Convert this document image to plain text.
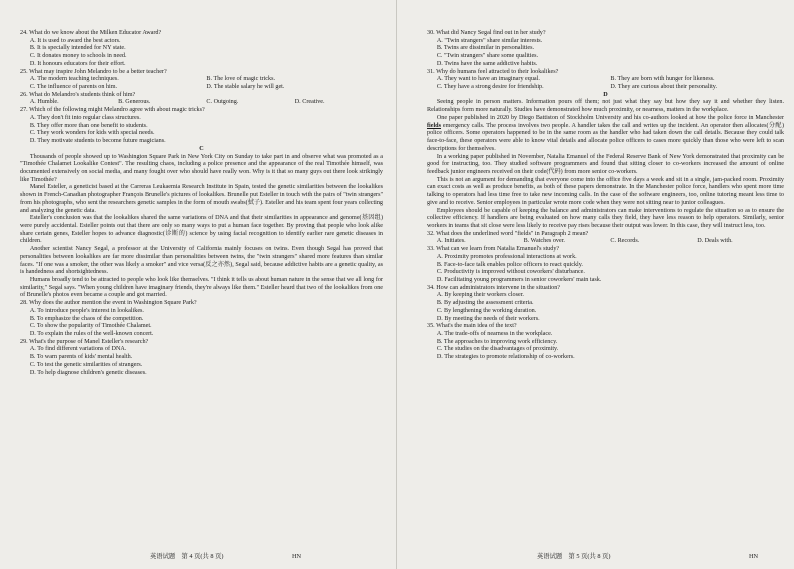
24. What do we know about the Milken Educator Award?

A. It is used to award the best actors.

B. It is specially intended for NY state.

C. It donates money to schools in need.

D. It honours educators for their effort.

25. What may inspire John Melandro to be a better teacher?

A. The modern teaching techniques.	B. The love of magic tricks.
C. The influence of parents on him.	D. The stable salary he will get.

26. What do Melandro's students think of him?

A. Humble.	B. Generous.	C. Outgoing.	D. Creative.

27. Which of the following might Melandro agree with about magic tricks?

A. They don't fit into regular class structures.

B. They offer more than one benefit to students.

C. They work wonders for kids with special needs.

D. They motivate students to become future magicians.

C

Thousands of people showed up to Washington Square Park in New York City on Sunday to take part in and observe what was promoted as a "Timothée Chalamet Lookalike Contest". The resulting chaos, including a police presence and the appearance of the real Timothée himself, was documented extensively on social media, and many fought over who should have really won. Why is it that so many guys out there look strikingly like Timothée?

Manel Esteller, a geneticist based at the Carreras Leukaemia Research Institute in Spain, tested the genetic similarities between the lookalikes shown in French-Canadian photographer François Brunelle's pictures of lookalikes. Brunelle put Esteller in touch with the pairs of "twin strangers" from his photographs, who sent the researchers genetic samples in the form of mouth swabs(拭子). Esteller and his team spent four years collecting and analyzing the genetic data.

Esteller's conclusion was that the lookalikes shared the same variations of DNA and that their similarities in appearance and genome(基因组) were purely accidental. Esteller points out that there are only so many ways to put a human face together. By proving that people who look alike share certain genes, Esteller hopes to advance diagnostic(诊断的) science by using facial recognition to identify earlier rare genetic diseases in children.

Another scientist Nancy Segal, a professor at the University of California mainly focuses on twins. Even though Segal has proved that personalities between lookalikes are far more dissimilar than personalities between twins, the "twin strangers" shared more features than similar faces. "If one was a smoker, the other was likely a smoker" and vice versa(反之亦然), Segal said, because addictive habits are a genetic quality, as is handedness and shortsightedness.

Humans broadly tend to be attracted to people who look like themselves. "I think it tells us about human nature in the sense that we all long for similarity," Segal says. "When young children have imaginary friends, they're always like them." Esteller heard that two of the lookalikes from one of Brunelle's photos even became a couple and got married.

28. Why does the author mention the event in Washington Square Park?

A. To introduce people's interest in lookalikes.

B. To emphasize the chaos of the competition.

C. To show the popularity of Timothée Chalamet.

D. To explain the rules of the well-known concert.

29. What's the purpose of Manel Esteller's research?

A. To find different variations of DNA.

B. To warn parents of kids' mental health.

C. To test the genetic similarities of strangers.

D. To help diagnose children's genetic diseases.

英语试题　第 4 页(共 8 页)	HN

30. What did Nancy Segal find out in her study?

A. "Twin strangers" share similar interests.

B. Twins are dissimilar in personalities.

C. "Twin strangers" share some qualities.

D. Twins have the same addictive habits.

31. Why do humans feel attracted to their lookalikes?

A. They want to have an imaginary equal.	B. They are born with hunger for likeness.
C. They have a strong desire for friendship.	D. They are curious about their personality.

D

Seeing people in person matters. Information pours off them; not just what they say but how they say it and whether they listen. Relationships form more naturally. Studies have demonstrated how much proximity, or nearness, matters in the workplace.

One paper published in 2020 by Diego Battiston of Stockholm University and his co-authors looked at how the police force in Manchester fields emergency calls. The process involves two people. A handler takes the call and writes up the incident. An operator then allocates(分配) police officers. Some operators happened to be in the same room as the handler who had taken down the call details. Because they could talk face-to-face, these operators were able to know vital details and allocate police officers to cases more quickly than those who were left to scan descriptions for themselves.

In a working paper published in November, Natalia Emanuel of the Federal Reserve Bank of New York demonstrated that proximity can be good for instructing, too. They studied software programmers and found that sitting closer to co-workers increased the amount of online feedback junior engineers received on their code(代码) from more senior co-workers.

This is not an argument for demanding that everyone come into the office five days a week and sit in a single, jam-packed room. Proximity can exact costs as well as produce benefits, as both of these papers demonstrate. In the Manchester police force, handlers who spent more time talking to operators had less time free to take new incoming calls. In the case of the software engineers, too, online tutoring meant less time to give and to receive. Senior employees in particular wrote more code when they were not sitting near to junior colleagues.

Employees should be capable of keeping the balance and administrators can make interventions to regulate the situation so as to ensure the collective efficiency. If handlers are being evaluated on how many calls they field, they have less reason to help operators. Similarly, senior workers in teams that sit close were less likely to receive pay rises because their output was lower. In this case, they will instruct less, too.

32. What does the underlined word "fields" in Paragraph 2 mean?

A. Initiates.	B. Watches over.	C. Records.	D. Deals with.

33. What can we learn from Natalia Emanuel's study?

A. Proximity promotes professional interactions at work.

B. Face-to-face talk enables police officers to react quickly.

C. Productivity is improved without coworkers' disturbance.

D. Facilitating young programmers in senior coworkers' main task.

34. How can administrators intervene in the situation?

A. By keeping their workers closer.

B. By adjusting the assessment criteria.

C. By lengthening the working duration.

D. By meeting the needs of their workers.

35. What's the main idea of the text?

A. The trade-offs of nearness in the workplace.

B. The approaches to improving work efficiency.

C. The studies on the disadvantages of proximity.

D. The strategies to promote relationship of co-workers.

英语试题　第 5 页(共 8 页)	HN
